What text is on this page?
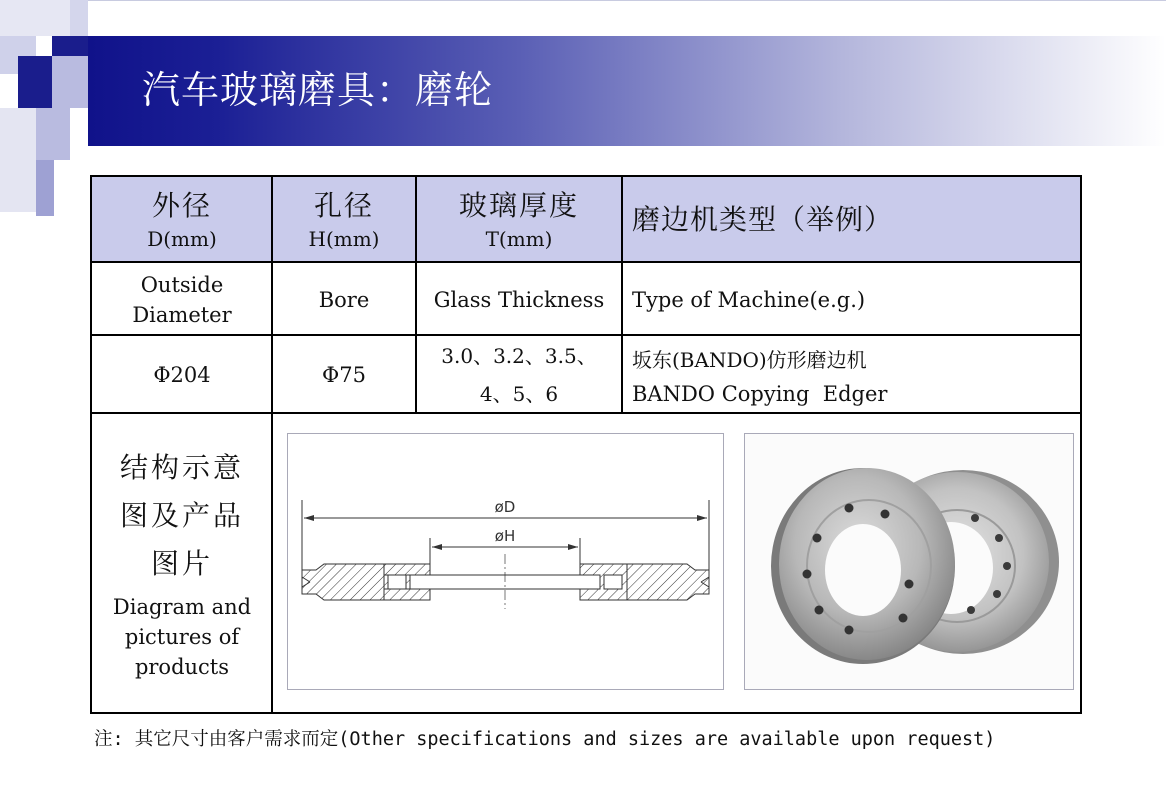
汽车玻璃磨具：磨轮
外径
D(mm)
孔径
H(mm)
玻璃厚度
T(mm)
磨边机类型（举例）
Outside
Diameter
Bore	Glass Thickness Type of Machine(e.g.)
Φ204	Φ75
3.0、3.2、3.5、
4、5、6
坂东(BANDO)仿形磨边机
BANDO Copying  Edger
结构示意
图及产品
图片
Diagram and
pictures of
products
øD
øH
注: 其它尺寸由客户需求而定(Other specifications and sizes are available upon request)
